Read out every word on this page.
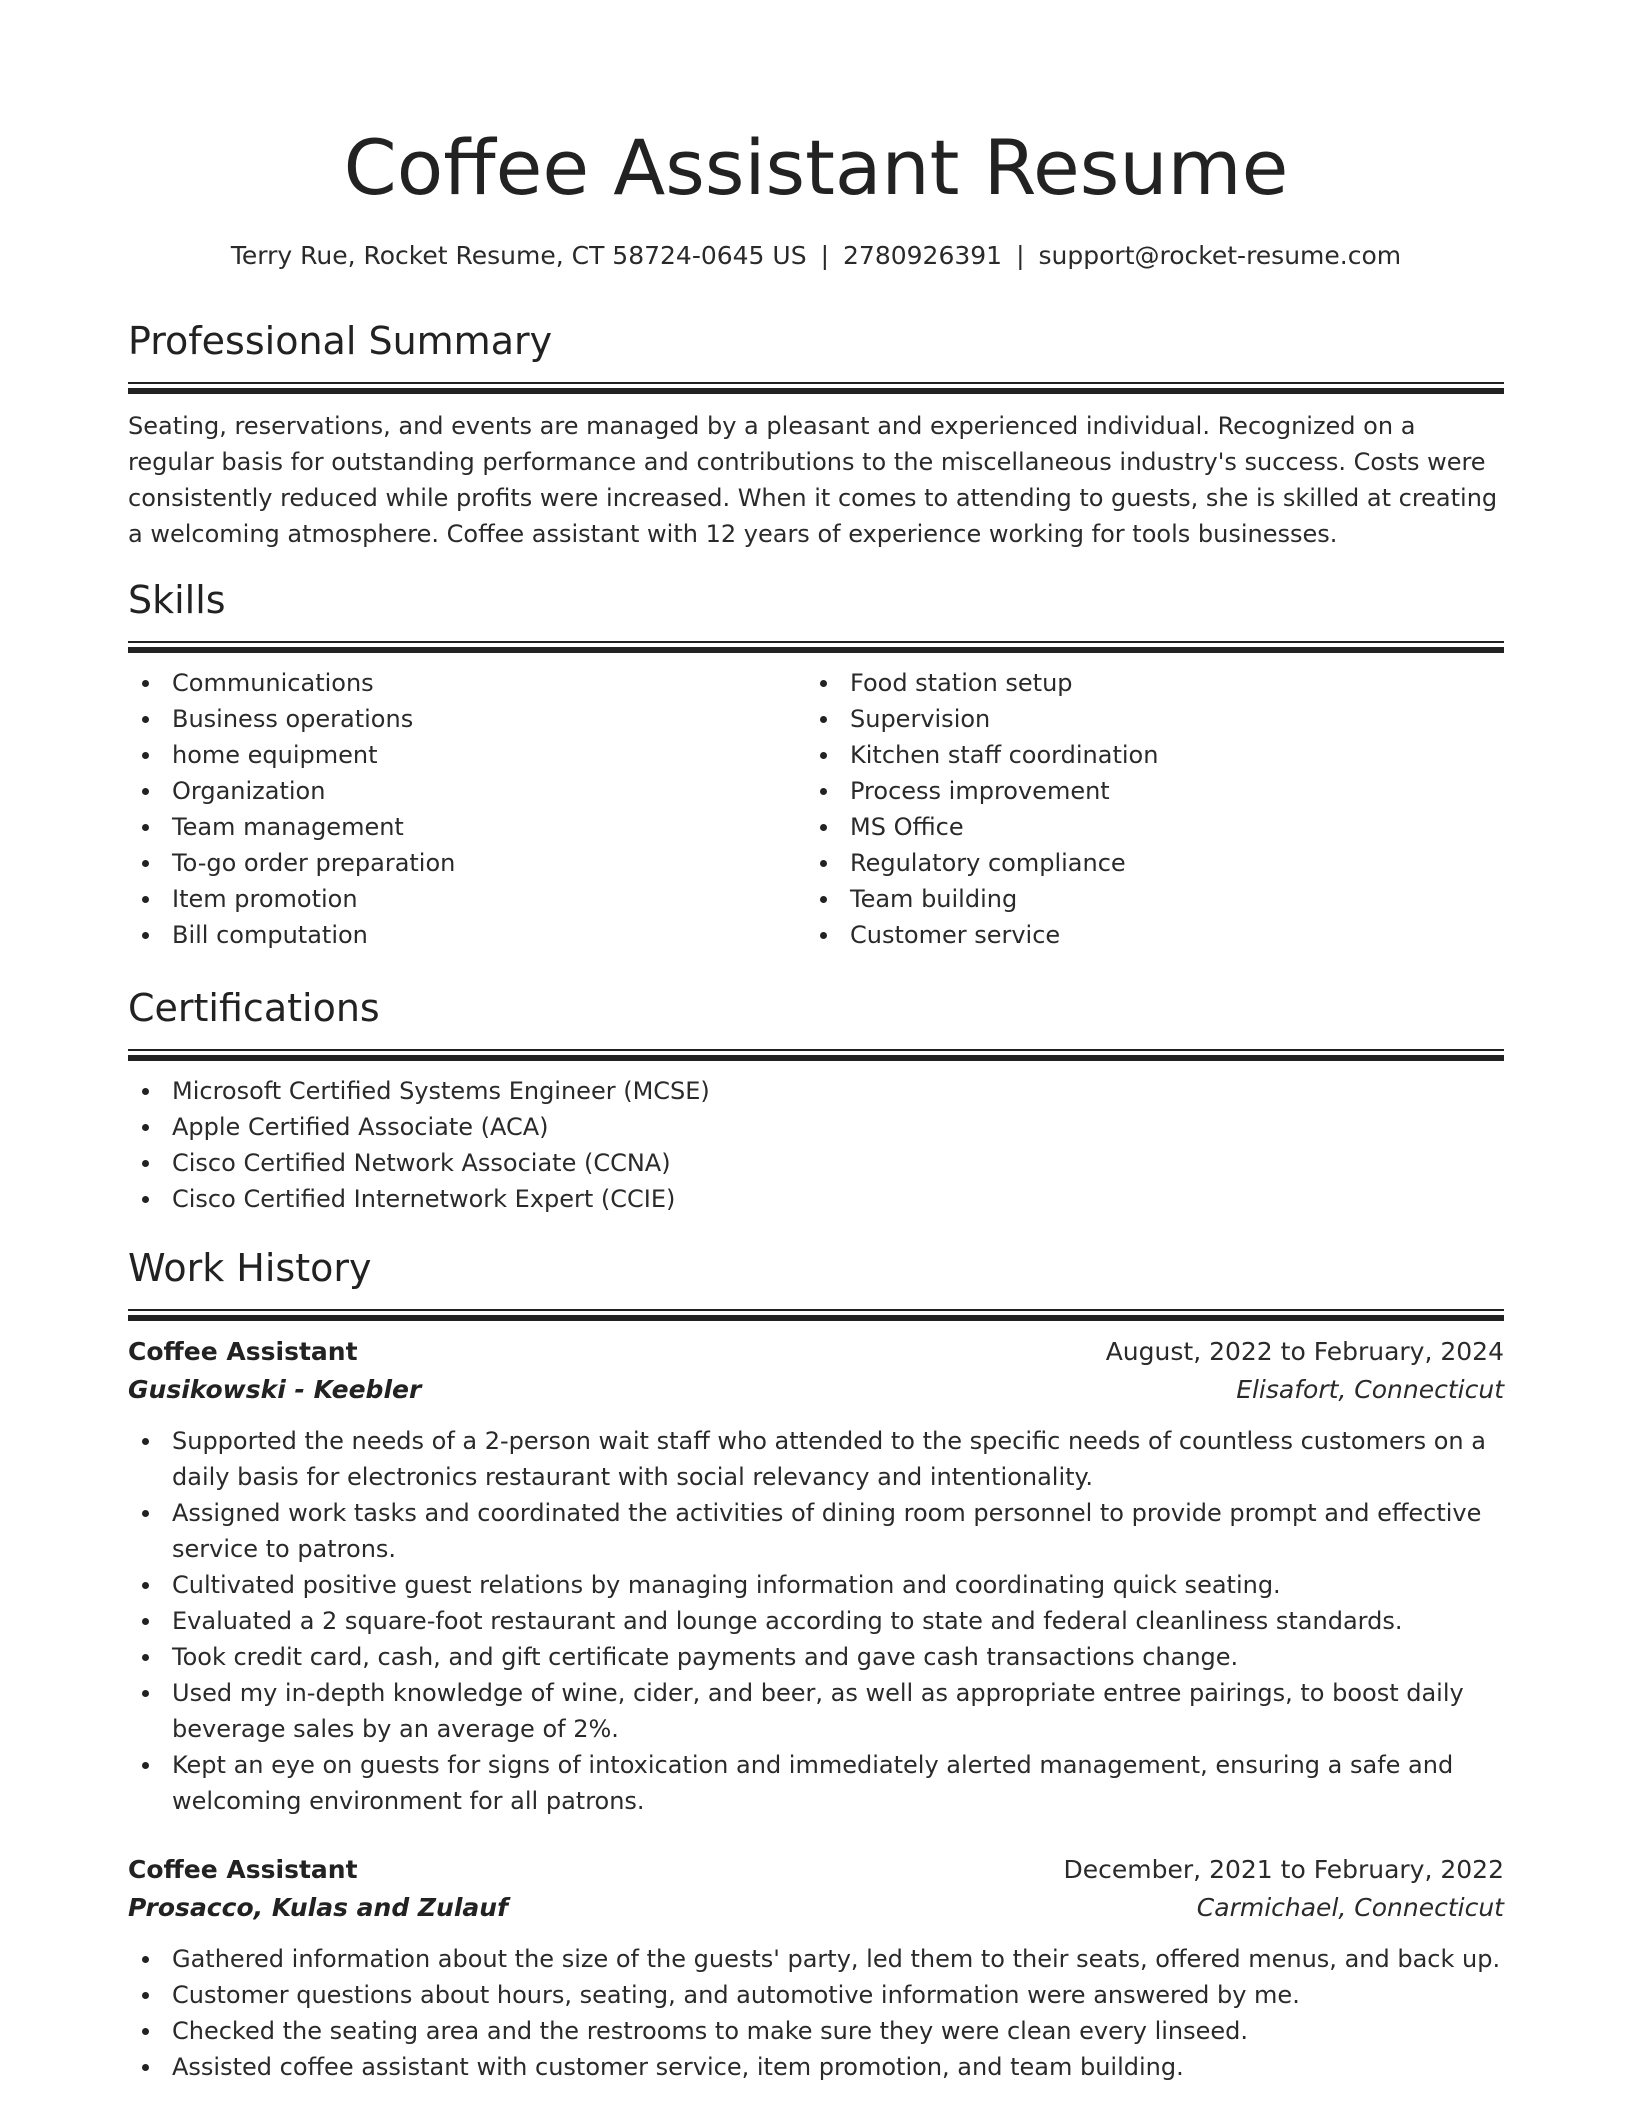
Coffee Assistant Resume
Terry Rue, Rocket Resume, CT 58724-0645 US | 2780926391 | support@rocket-resume.com
Professional Summary

Seating, reservations, and events are managed by a pleasant and experienced individual. Recognized on a regular basis for outstanding performance and contributions to the miscellaneous industry's success. Costs were consistently reduced while profits were increased. When it comes to attending to guests, she is skilled at creating a welcoming atmosphere. Coffee assistant with 12 years of experience working for tools businesses.

Skills
Communications
Business operations
home equipment
Organization
Team management
To-go order preparation
Item promotion
Bill computation
Food station setup
Supervision
Kitchen staff coordination
Process improvement
MS Office
Regulatory compliance
Team building
Customer service
Certifications
Microsoft Certified Systems Engineer (MCSE)
Apple Certified Associate (ACA)
Cisco Certified Network Associate (CCNA)
Cisco Certified Internetwork Expert (CCIE)
Work History
Coffee Assistant	August, 2022 to February, 2024
Gusikowski - Keebler	Elisafort, Connecticut
Supported the needs of a 2-person wait staff who attended to the specific needs of countless customers on a daily basis for electronics restaurant with social relevancy and intentionality.
Assigned work tasks and coordinated the activities of dining room personnel to provide prompt and effective service to patrons.
Cultivated positive guest relations by managing information and coordinating quick seating.
Evaluated a 2 square-foot restaurant and lounge according to state and federal cleanliness standards.
Took credit card, cash, and gift certificate payments and gave cash transactions change.
Used my in-depth knowledge of wine, cider, and beer, as well as appropriate entree pairings, to boost daily beverage sales by an average of 2%.
Kept an eye on guests for signs of intoxication and immediately alerted management, ensuring a safe and welcoming environment for all patrons.
Coffee Assistant	December, 2021 to February, 2022
Prosacco, Kulas and Zulauf	Carmichael, Connecticut
Gathered information about the size of the guests' party, led them to their seats, offered menus, and back up.
Customer questions about hours, seating, and automotive information were answered by me.
Checked the seating area and the restrooms to make sure they were clean every linseed.
Assisted coffee assistant with customer service, item promotion, and team building.
